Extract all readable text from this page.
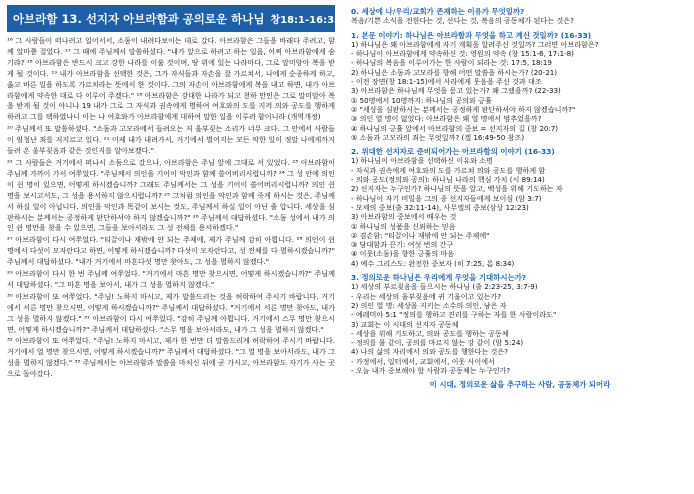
아브라함 13. 선지자 아브라함과 공의로운 하나님 창18:1-16:33

¹⁶ 그 사람들이 떠나려고 일어서서, 소돔이 내려다보이는 데로 갔다. 아브라함은 그들을 바래다 주려고, 함께 얼마쯤 걸었다. ¹⁷ 그 때에 주님께서 말씀하셨다. "내가 앞으로 하려고 하는 일을, 어찌 아브라함에게 숨기랴? ¹⁸ 아브라함은 반드시 크고 강한 나라를 이룰 것이며, 땅 위에 있는 나라마다, 그로 말미암아 복을 받게 될 것이다. ¹⁹ 내가 아브라함을 선택한 것은, 그가 자식들과 자손을 잘 가르쳐서, 나에게 순종하게 하고, 옳고 바른 일을 하도록 가르치라는 뜻에서 한 것이다. 그의 자손이 아브라함에게 복을 내고 하면, 내가 아브라함에게 약속한 대로 다 이루어 주겠다." ¹⁸ 아브라함은 강대한 나라가 되고 천하 만민은 그로 말미암아 복을 받게 될 것이 아니냐 19 내가 그로 그 자식과 권속에게 명하여 여호와의 도를 지켜 의와 공도를 행하게 하려고 그를 택하였나니 이는 나 여호와가 아브라함에게 대하여 말한 일을 이루려 함이니라 (개역개정)

²⁰ 주님께서 또 말씀하셨다. "소돔과 고모라에서 들려오는 저 울부짖는 소리가 너무 크다. 그 안에서 사람들이 엄청난 죄를 저지르고 있다. ²¹ 이제 내가 내려가서, 거기에서 벌어지는 모든 악한 일이 정말 나에게까지 들려 온 울부짖음과 같은 것인지를 알아보겠다."

²² 그 사람들은 거기에서 떠나서 소돔으로 갔으나, 아브라함은 주님 앞에 그대로 서 있었다. ²³ 아브라함이 주님께 가까이 가서 여쭈었다. "주님께서 의인을 기어이 악인과 함께 쓸어버리시렵니까? ²⁴ 그 성 안에 의인이 쉰 명이 있으면, 어떻게 하시겠습니까? 그래도 주님께서는 그 성을 기어이 쓸어버리시렵니까? 의인 쉰 명을 보시고서도, 그 성을 용서하지 않으시렵니까? ²⁵ 그처럼 의인을 악인과 함께 죽게 하시는 것은, 주님께서 하실 일이 아닙니다. 의인을 악인과 똑같이 보시는 것도, 주님께서 하실 일이 아닌 줄 압니다. 세상을 심판하시는 분께서는 공정하게 판단하셔야 하지 않겠습니까?" ²⁶ 주님께서 대답하셨다. "소돔 성에서 내가 의인 쉰 명만을 찾을 수 있으면, 그들을 보아서라도 그 성 전체를 용서하겠다."

²⁷ 아브라함이 다시 여쭈었다. "티끌이나 재밖에 안 되는 주제에, 제가 주님께 감히 아룁니다. ²⁸ 의인이 쉰 명에서 다섯이 모자란다고 하면, 어떻게 하시겠습니까? 다섯이 모자란다고, 성 전체를 다 멸하시겠습니까?" 주님께서 대답하셨다. "내가 거기에서 마흔다섯 명만 찾아도, 그 성을 멸하지 않겠다."

²⁹ 아브라함이 다시 한 번 주님께 여쭈었다. "거기에서 마흔 명만 찾으시면, 어떻게 하시겠습니까?" 주님께서 대답하셨다. "그 마흔 명을 보아서, 내가 그 성을 멸하지 않겠다."

³⁰ 아브라함이 또 여쭈었다. "주님! 노하지 마시고, 제가 말씀드리는 것을 허락하여 주시기 바랍니다. 거기에서 서른 명만 찾으시면, 어떻게 하시겠습니까?" 주님께서 대답하셨다. "거기에서 서른 명만 찾아도, 내가 그 성을 멸하지 않겠다." ³¹ 아브라함이 다시 여쭈었다. "감히 주님께 아룁니다. 거기에서 스무 명만 찾으시면, 어떻게 하시겠습니까?" 주님께서 대답하셨다. "스무 명을 보아서라도, 내가 그 성을 멸하지 않겠다."

³² 아브라함이 또 여쭈었다. "주님! 노하지 마시고, 제가 한 번만 더 말씀드리게 허락하여 주시기 바랍니다. 거기에서 열 명만 찾으시면, 어떻게 하시겠습니까?" 주님께서 대답하셨다. "그 열 명을 보아서라도, 내가 그 성을 멸하지 않겠다." ³³ 주님께서는 아브라함과 말씀을 마치신 뒤에 곧 가시고, 아브라함도 자기가 사는 곳으로 돌아갔다.

0. 세상에 나/우리/교회가 존재하는 이유가 무엇일까?
복음/기쁜 소식을 전한다는 것, 산다는 것, 복음의 공동체가 된다는 것은?
1. 본문 이야기: 하나님은 아브라함과 무엇을 하고 계신 것일까? (16-33)
1) 하나님은 왜 아브라함에게 자기 계획을 알려주신 것일까? 그러면 아브라함은?
- 하나님이 아브라함에게 약속하신 것: 영원의 약속 (창 15:1-6, 17:1-8)
- 하나님의 복음을 이루어가는 한 사람이 되라는 것: 17:5, 18:19
2) 하나님은 소돔과 고모라를 향해 어떤 말씀을 하시는가? (20-21)
- 이전 장면(창 18:1-15)에서 사라에게 웃음을 주신 것과 대조
3) 아브라함은 하나님께 무엇을 묻고 있는가? 왜 그랬을까? (22-33)
① 50명에서 10명까지: 하나님의 공의와 긍휼
② "세상을 심판하시는 분께서는 공정하게 판단하셔야 하지 않겠습니까?"
③ 의인 열 명이 없었다: 아브라함은 왜 열 명에서 멈추었을까?
④ 하나님의 긍휼 앞에서 아브라함의 중보 = 선지자의 길 (창 20:7)
⑤ 소돔과 고모라의 죄는 무엇일까? (겔 16:49-50 참조)
2. 위대한 선지자로 준비되어가는 아브라함의 이야기 (16-33)
1) 하나님이 아브라함을 선택하신 이유와 소명
- 자식과 권속에게 여호와의 도를 가르쳐 의와 공도를 행하게 함
- 의와 공도(정의와 공의): 하나님 나라의 핵심 가치 (시 89:14)
2) 선지자는 누구인가? 하나님의 뜻을 알고, 백성을 위해 기도하는 자
- 하나님이 자기 비밀을 그의 종 선지자들에게 보이심 (암 3:7)
- 모세의 중보(출 32:11-14), 사무엘의 중보(삼상 12:23)
3) 아브라함의 중보에서 배우는 것
① 하나님의 성품을 신뢰하는 믿음
② 겸손함: "티끌이나 재밖에 안 되는 주제에"
③ 담대함과 끈기: 여섯 번의 간구
④ 이웃(소돔)을 향한 긍휼의 마음
4) 예수 그리스도: 완전한 중보자 (히 7:25, 롬 8:34)
3. 정의로운 하나님은 우리에게 무엇을 기대하시는가?
1) 세상의 부르짖음을 들으시는 하나님 (출 2:23-25, 3:7-9)
- 우리는 세상의 울부짖음에 귀 기울이고 있는가?
2) 의인 열 명: 세상을 지키는 소수의 의인, 남은 자
- 예레미야 5:1 "정의를 행하고 진리를 구하는 자를 한 사람이라도"
3) 교회는 이 시대의 선지자 공동체
- 세상을 위해 기도하고, 의와 공도를 행하는 공동체
- 정의를 물 같이, 공의를 마르지 않는 강 같이 (암 5:24)
4) 나의 삶의 자리에서 의와 공도를 행한다는 것은?
- 가정에서, 일터에서, 교회에서, 이웃 사이에서
- 오늘 내가 중보해야 할 사람과 공동체는 누구인가?
이 시대, 정의로운 삶을 추구하는 사람, 공동체가 되어라
